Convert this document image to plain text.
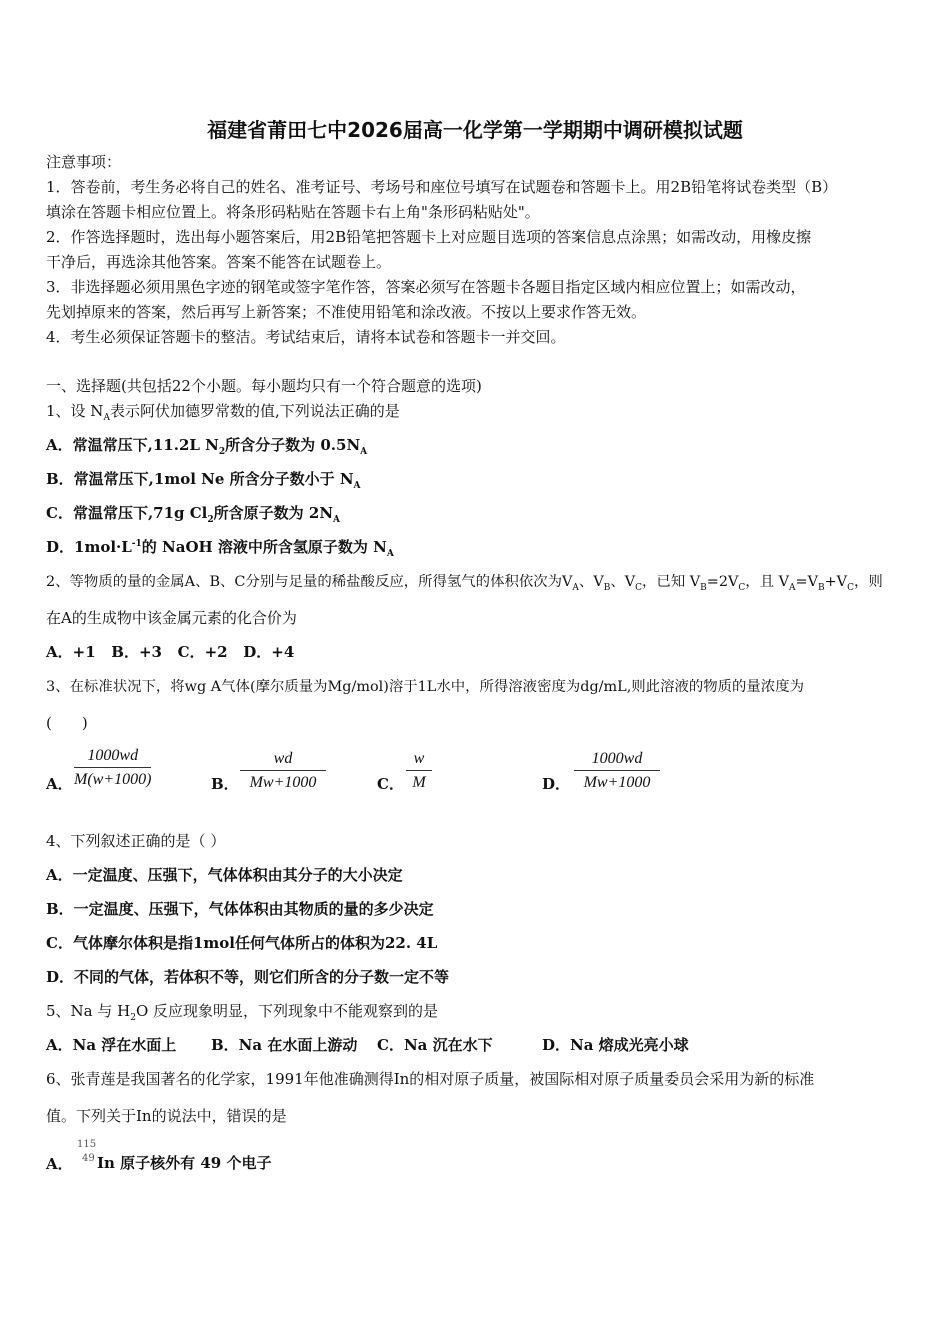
福建省莆田七中2026届高一化学第一学期期中调研模拟试题
注意事项：
1．答卷前，考生务必将自己的姓名、准考证号、考场号和座位号填写在试题卷和答题卡上。用2B铅笔将试卷类型（B）
填涂在答题卡相应位置上。将条形码粘贴在答题卡右上角"条形码粘贴处"。
2．作答选择题时，选出每小题答案后，用2B铅笔把答题卡上对应题目选项的答案信息点涂黑；如需改动，用橡皮擦
干净后，再选涂其他答案。答案不能答在试题卷上。
3．非选择题必须用黑色字迹的钢笔或签字笔作答，答案必须写在答题卡各题目指定区域内相应位置上；如需改动，
先划掉原来的答案，然后再写上新答案；不准使用铅笔和涂改液。不按以上要求作答无效。
4．考生必须保证答题卡的整洁。考试结束后，请将本试卷和答题卡一并交回。
一、选择题(共包括22个小题。每小题均只有一个符合题意的选项)
1、设 $N_A$表示阿伏加德罗常数的值,下列说法正确的是
A．常温常压下,11.2L $N_2$所含分子数为 $0.5N_A$
B．常温常压下,1mol Ne 所含分子数小于 $N_A$
C．常温常压下,71g $Cl_2$所含原子数为 $2N_A$
D．$1mol\cdot L^{-1}$的 NaOH 溶液中所含氢原子数为 $N_A$
2、等物质的量的金属A、B、C分别与足量的稀盐酸反应，所得氢气的体积依次为$V_A$、$V_B$、$V_C$，已知 $V_B=2V_C$，且 $V_A=V_B+V_C$，则
在A的生成物中该金属元素的化合价为
A．+1   B．+3   C．+2   D．+4
3、在标准状况下，将wg A气体(摩尔质量为Mg/mol)溶于1L水中，所得溶液密度为dg/mL,则此溶液的物质的量浓度为
(　　)
A． $\frac{1000wd}{M(w+1000)}$	B． $\frac{wd}{Mw+1000}$	C． $\frac{w}{M}$	D． $\frac{1000wd}{Mw+1000}$
4、下列叙述正确的是（ ）
A．一定温度、压强下，气体体积由其分子的大小决定
B．一定温度、压强下，气体体积由其物质的量的多少决定
C．气体摩尔体积是指1mol任何气体所占的体积为22. 4L
D．不同的气体，若体积不等，则它们所含的分子数一定不等
5、Na 与 $H_2O$ 反应现象明显，下列现象中不能观察到的是
A．Na 浮在水面上 B．Na 在水面上游动 C．Na 沉在水下	D．Na 熔成光亮小球
6、张青莲是我国著名的化学家，1991年他准确测得In的相对原子质量，被国际相对原子质量委员会采用为新的标准
值。下列关于In的说法中，错误的是
A．
115
49 In 原子核外有 49 个电子
